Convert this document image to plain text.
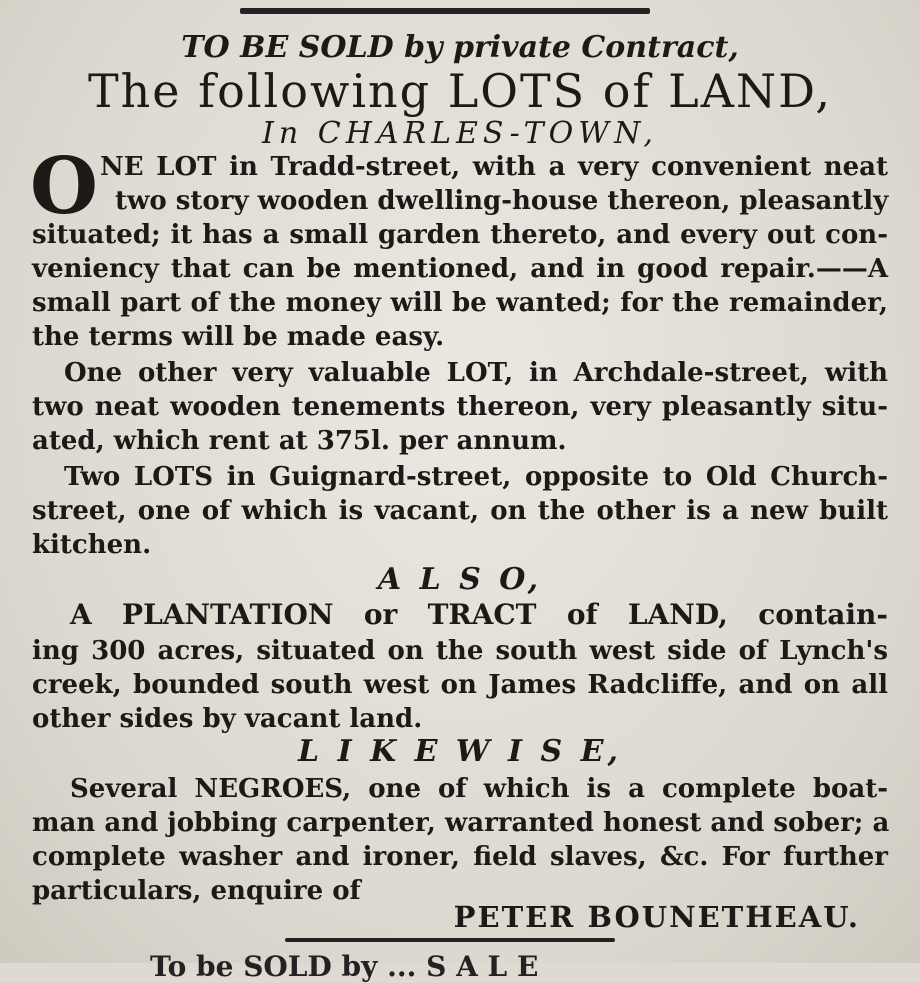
TO BE SOLD by private Contract,
The following LOTS of LAND,
In CHARLES-TOWN,
O NE LOT in Tradd-street, with a very convenient neat
two story wooden dwelling-house thereon, pleasantly
situated; it has a small garden thereto, and every out con-
veniency that can be mentioned, and in good repair.——A
small part of the money will be wanted; for the remainder,
the terms will be made easy.
One other very valuable LOT, in Archdale-street, with
two neat wooden tenements thereon, very pleasantly situ-
ated, which rent at 375l. per annum.
Two LOTS in Guignard-street, opposite to Old Church-
street, one of which is vacant, on the other is a new built
kitchen.
A L S O,
A PLANTATION or TRACT of LAND, contain-
ing 300 acres, situated on the south west side of Lynch's
creek, bounded south west on James Radcliffe, and on all
other sides by vacant land.
L I K E W I S E,
Several NEGROES, one of which is a complete boat-
man and jobbing carpenter, warranted honest and sober; a
complete washer and ironer, field slaves, &c. For further
particulars, enquire of
PETER BOUNETHEAU.
To be SOLD by ... S A L E
